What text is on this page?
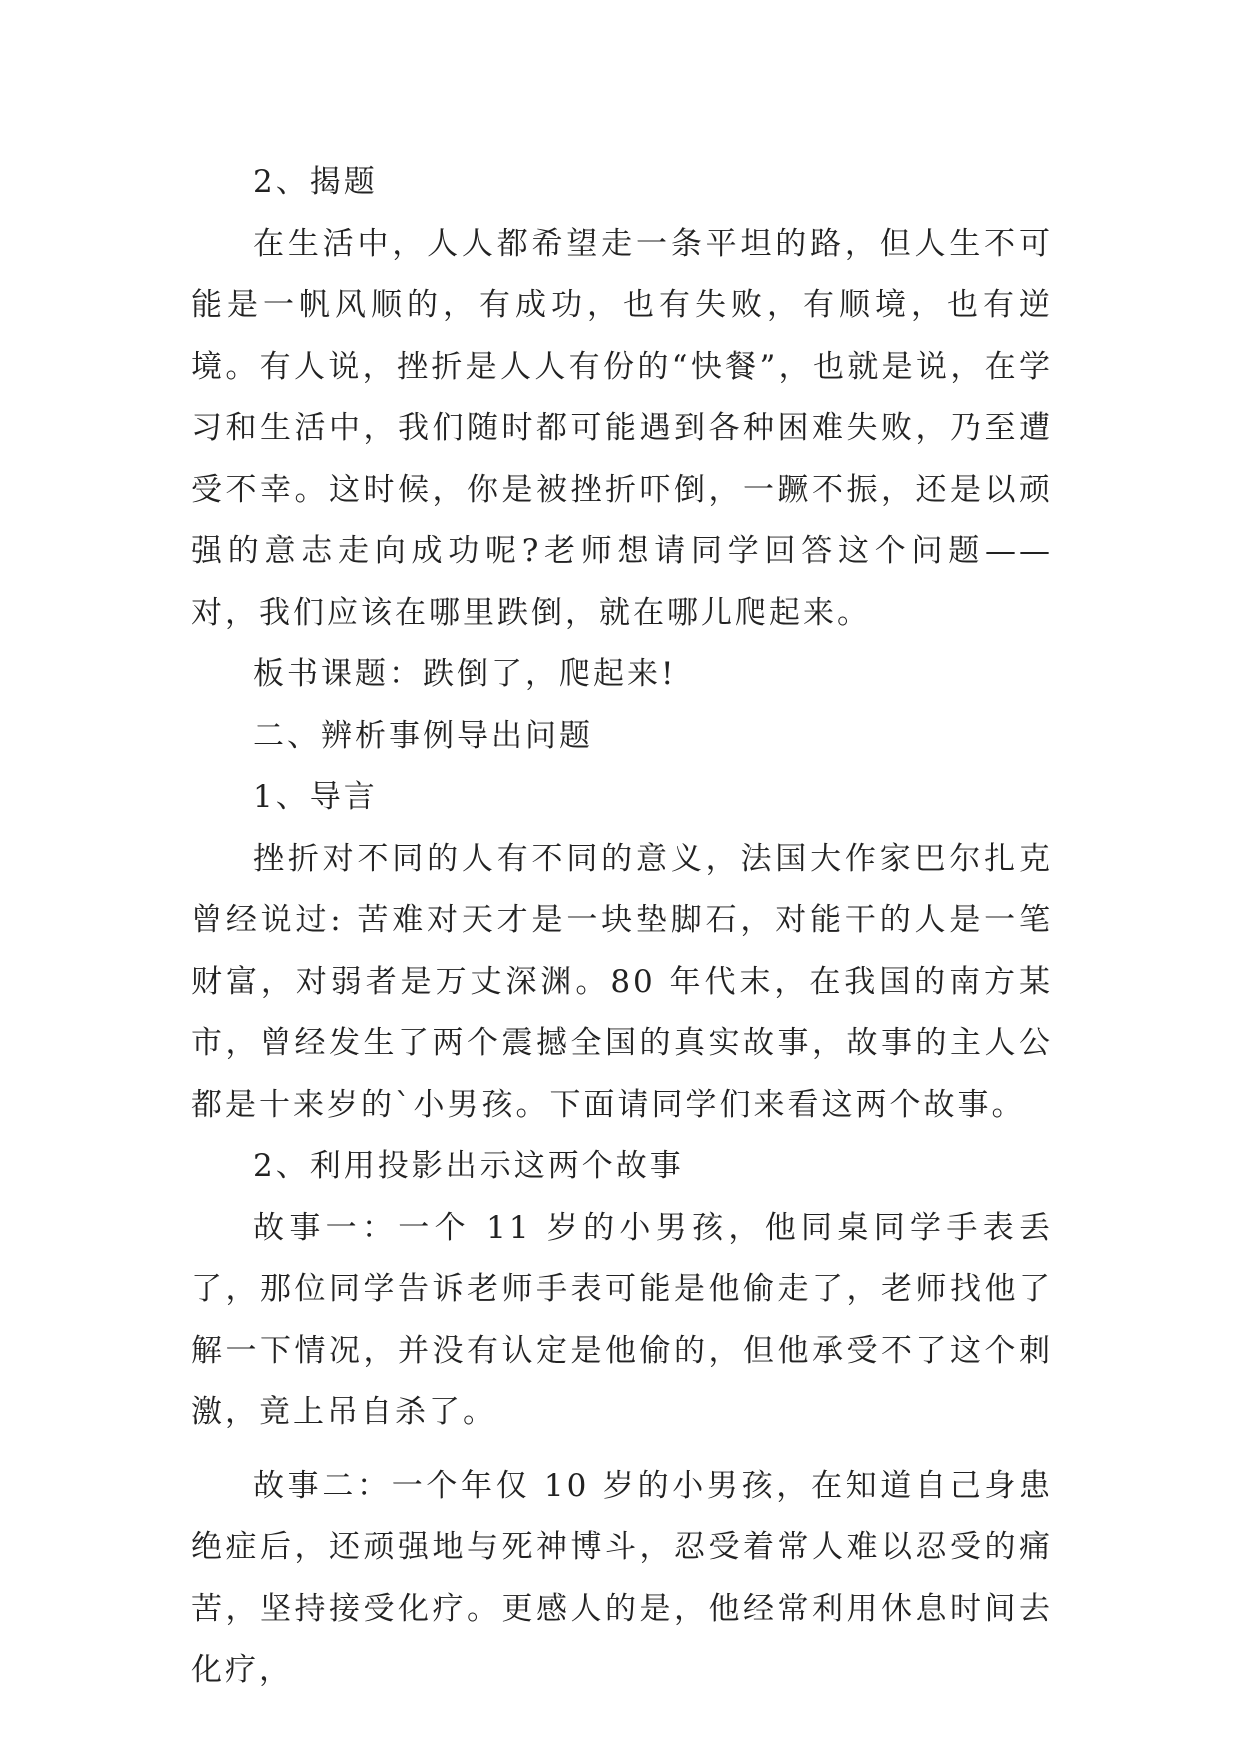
2、揭题

在生活中，人人都希望走一条平坦的路，但人生不可能是一帆风顺的，有成功，也有失败，有顺境，也有逆境。有人说，挫折是人人有份的“快餐”，也就是说，在学习和生活中，我们随时都可能遇到各种困难失败，乃至遭受不幸。这时候，你是被挫折吓倒，一蹶不振，还是以顽强的意志走向成功呢?老师想请同学回答这个问题——对，我们应该在哪里跌倒，就在哪儿爬起来。

板书课题：跌倒了，爬起来!

二、辨析事例导出问题

1、导言

挫折对不同的人有不同的意义，法国大作家巴尔扎克曾经说过: 苦难对天才是一块垫脚石，对能干的人是一笔财富，对弱者是万丈深渊。80 年代末，在我国的南方某市，曾经发生了两个震撼全国的真实故事，故事的主人公都是十来岁的`小男孩。下面请同学们来看这两个故事。

2、利用投影出示这两个故事

故事一：一个 11 岁的小男孩，他同桌同学手表丢了，那位同学告诉老师手表可能是他偷走了，老师找他了解一下情况，并没有认定是他偷的，但他承受不了这个刺激，竟上吊自杀了。

故事二：一个年仅 10 岁的小男孩，在知道自己身患绝症后，还顽强地与死神博斗，忍受着常人难以忍受的痛苦，坚持接受化疗。更感人的是，他经常利用休息时间去化疗，
